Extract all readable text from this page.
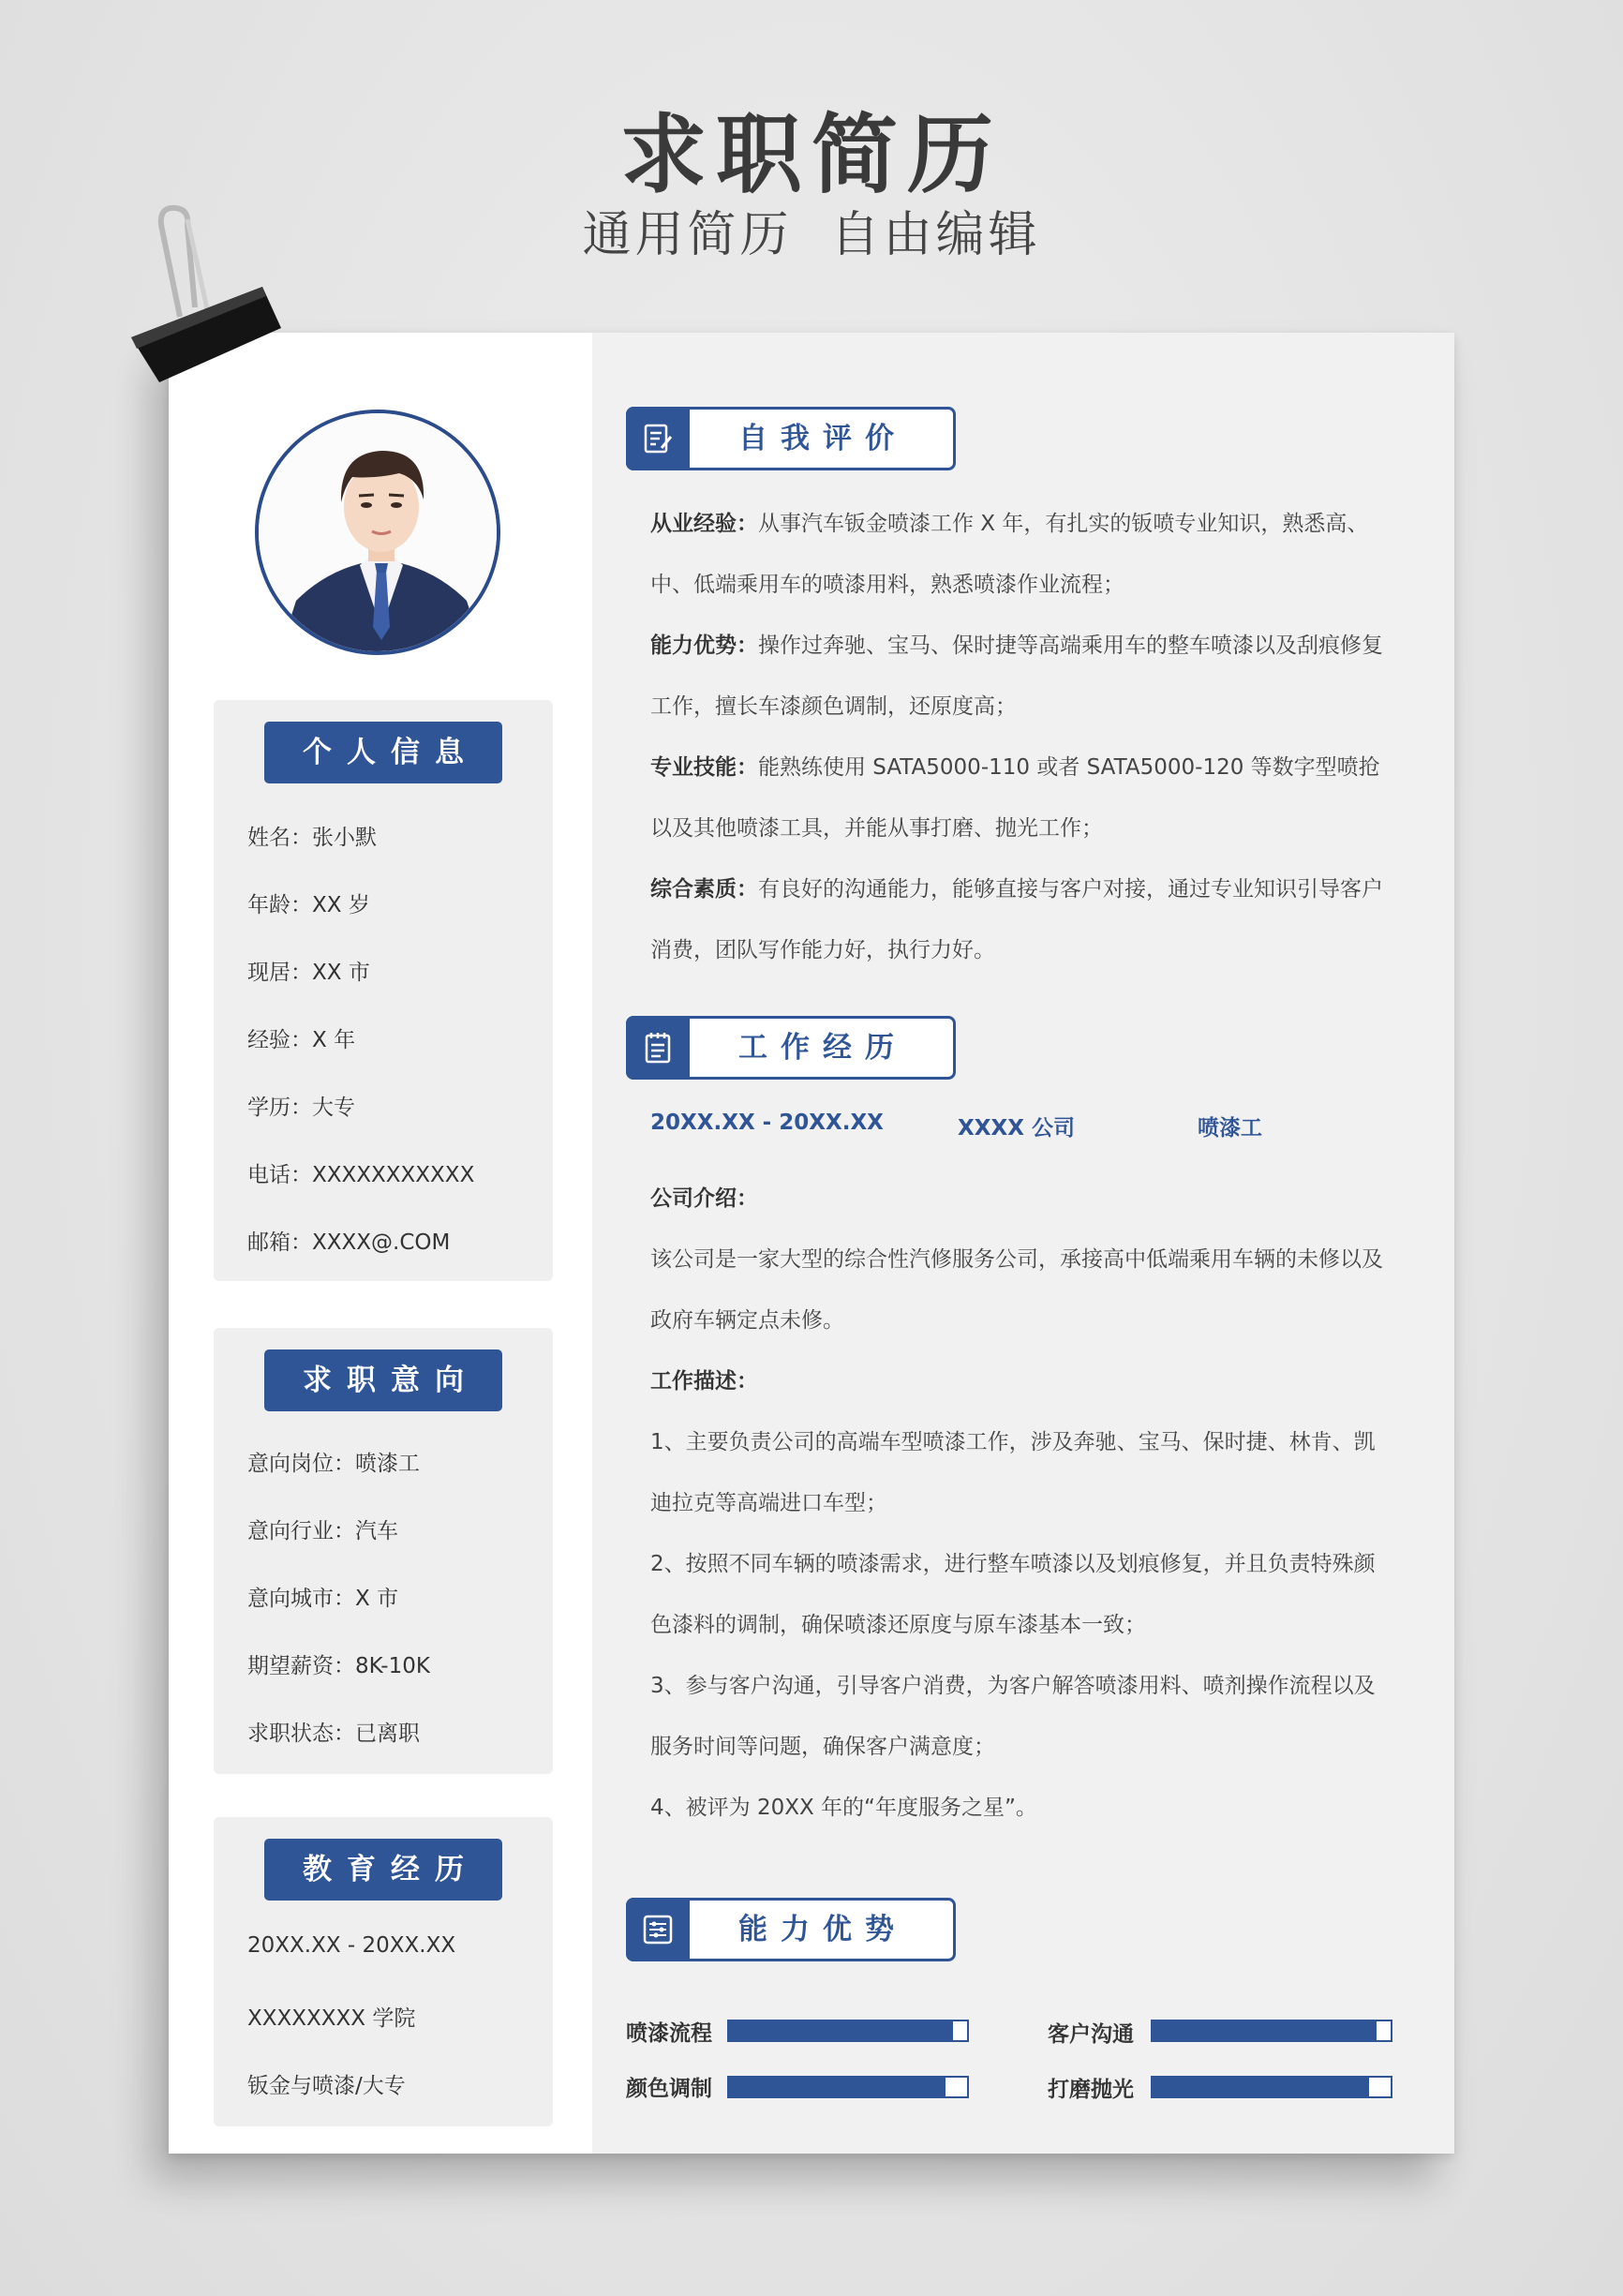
求职简历
通用简历  自由编辑
个人信息
姓名：张小默
年龄：XX 岁
现居：XX 市
经验：X 年
学历：大专
电话：XXXXXXXXXXX
邮箱：XXXX@.COM
求职意向
意向岗位：喷漆工
意向行业：汽车
意向城市：X 市
期望薪资：8K-10K
求职状态：已离职
教育经历
20XX.XX - 20XX.XX
XXXXXXXX 学院
钣金与喷漆/大专
自我评价
从业经验：从事汽车钣金喷漆工作 X 年，有扎实的钣喷专业知识，熟悉高、中、低端乘用车的喷漆用料，熟悉喷漆作业流程；
能力优势：操作过奔驰、宝马、保时捷等高端乘用车的整车喷漆以及刮痕修复工作，擅长车漆颜色调制，还原度高；
专业技能：能熟练使用 SATA5000-110 或者 SATA5000-120 等数字型喷抢以及其他喷漆工具，并能从事打磨、抛光工作；
综合素质：有良好的沟通能力，能够直接与客户对接，通过专业知识引导客户消费，团队写作能力好，执行力好。
工作经历
20XX.XX - 20XX.XX	XXXX 公司	喷漆工
公司介绍：
该公司是一家大型的综合性汽修服务公司，承接高中低端乘用车辆的未修以及政府车辆定点未修。
工作描述：
1、主要负责公司的高端车型喷漆工作，涉及奔驰、宝马、保时捷、林肯、凯迪拉克等高端进口车型；
2、按照不同车辆的喷漆需求，进行整车喷漆以及划痕修复，并且负责特殊颜色漆料的调制，确保喷漆还原度与原车漆基本一致；
3、参与客户沟通，引导客户消费，为客户解答喷漆用料、喷剂操作流程以及服务时间等问题，确保客户满意度；
4、被评为 20XX 年的“年度服务之星”。
能力优势
喷漆流程	客户沟通
颜色调制	打磨抛光
